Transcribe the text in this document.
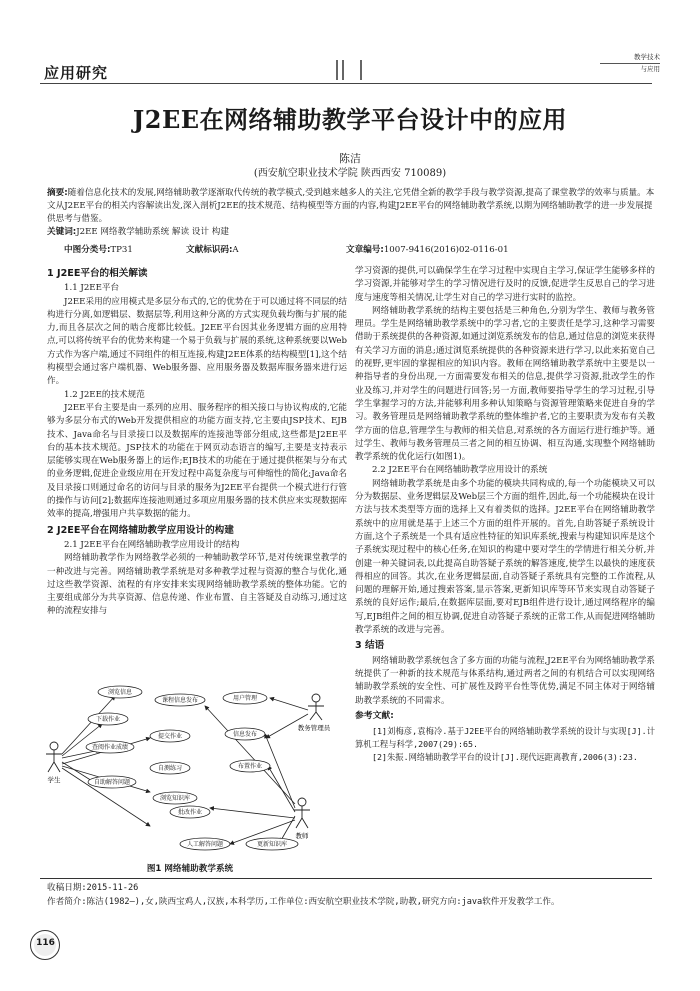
应用研究
教学技术
与应用
J2EE在网络辅助教学平台设计中的应用
陈洁
(西安航空职业技术学院 陕西西安 710089)
摘要:随着信息化技术的发展,网络辅助教学逐渐取代传统的教学模式,受到越来越多人的关注,它凭借全新的教学手段与教学资源,提高了课堂教学的效率与质量。本文从J2EE平台的相关内容解读出发,深入剖析J2EE的技术规范、结构模型等方面的内容,构建J2EE平台的网络辅助教学系统,以期为网络辅助教学的进一步发展提供思考与借鉴。
关键词:J2EE 网络教学辅助系统 解读 设计 构建
中图分类号:TP31	文献标识码:A	文章编号:1007-9416(2016)02-0116-01
1 J2EE平台的相关解读
1.1 J2EE平台

J2EE采用的应用模式是多层分布式的,它的优势在于可以通过将不同层的结构进行分离,如逻辑层、数据层等,利用这种分离的方式实现负载均衡与扩展的能力,而且各层次之间的啮合度都比较低。J2EE平台因其业务逻辑方面的应用特点,可以将传统平台的优势来构建一个易于负载与扩展的系统,这种系统要以Web方式作为客户端,通过不同组件的相互连接,构建J2EE体系的结构模型[1],这个结构模型会通过客户端机器、Web服务器、应用服务器及数据库服务器来进行运作。

1.2 J2EE的技术规范

J2EE平台主要是由一系列的应用、服务程序的相关接口与协议构成的,它能够为多层分布式的Web开发提供相应的功能方面支持,它主要由JSP技术、EJB技术、Java命名与目录接口以及数据库的连接池等部分组成,这些都是J2EE平台的基本技术规范。JSP技术的功能在于网页动态语言的编写,主要是支持表示层能够实现在Web服务器上的运作;EJB技术的功能在于通过提供框架与分布式的业务逻辑,促进企业级应用在开发过程中高复杂度与可伸缩性的简化;Java命名及目录接口则通过命名的访问与目录的服务为J2EE平台提供一个模式进行行管的操作与访问[2];数据库连接池则通过多项应用服务器的技术供应来实现数据库效率的提高,增强用户共享数据的能力。

2 J2EE平台在网络辅助教学应用设计的构建
2.1 J2EE平台在网络辅助教学应用设计的结构

网络辅助教学作为网络教学必须的一种辅助教学环节,是对传统课堂教学的一种改进与完善。网络辅助教学系统是对多种教学过程与资源的整合与优化,通过这些教学资源、流程的有序安排来实现网络辅助教学系统的整体功能。它的主要组成部分为共享资源、信息传递、作业布置、自主答疑及自动练习,通过这种的流程安排与

浏览信息
下载作业
查阅作业成绩
自助解答问题
课程信息发布
提交作业
自测练习
浏览知识库
用户管理
信息发布
布置作业
批改作业
人工解答问题	更新知识库
学生
教师
教务管理员
图1 网络辅助教学系统

学习资源的提供,可以确保学生在学习过程中实现自主学习,保证学生能够多样的学习资源,并能够对学生的学习情况进行及时的反馈,促进学生反思自己的学习进度与速度等相关情况,让学生对自己的学习进行实时的监控。

网络辅助教学系统的结构主要包括是三种角色,分别为学生、教师与教务管理员。学生是网络辅助教学系统中的学习者,它的主要责任是学习,这种学习需要借助于系统提供的各种资源,如通过浏览系统发布的信息,通过信息的浏览来获得有关学习方面的消息;通过浏览系统提供的各种资源来进行学习,以此来拓宽自己的视野,更牢固的掌握相应的知识内容。教师在网络辅助教学系统中主要是以一种指导者的身份出现,一方面需要发布相关的信息,提供学习资源,批改学生的作业及练习,并对学生的问题进行回答;另一方面,教师要指导学生的学习过程,引导学生掌握学习的方法,并能够利用多种认知策略与资源管理策略来促进自身的学习。教务管理员是网络辅助教学系统的整体维护者,它的主要职责为发布有关教学方面的信息,管理学生与教师的相关信息,对系统的各方面运行进行维护等。通过学生、教师与教务管理员三者之间的相互协调、相互沟通,实现整个网络辅助教学系统的优化运行(如图1)。

2.2 J2EE平台在网络辅助教学应用设计的系统

网络辅助教学系统是由多个功能的模块共同构成的,每一个功能模块又可以分为数据层、业务逻辑层及Web层三个方面的组件,因此,每一个功能模块在设计方法与技术类型等方面的选择上又有着类似的选择。J2EE平台在网络辅助教学系统中的应用就是基于上述三个方面的组件开展的。首先,自助答疑子系统设计方面,这个子系统是一个具有适应性特征的知识库系统,搜索与构建知识库是这个子系统实现过程中的核心任务,在知识的构建中要对学生的学情进行相关分析,并创建一种关键词表,以此提高自助答疑子系统的解答速度,使学生以最快的速度获得相应的回答。其次,在业务逻辑层面,自动答疑子系统具有完整的工作流程,从问题的理解开始,通过搜索答案,显示答案,更新知识库等环节来实现自动答疑子系统的良好运作;最后,在数据库层面,要对EJB组件进行设计,通过网络程序的编写,EJB组件之间的相互协调,促进自动答疑子系统的正常工作,从而促进网络辅助教学系统的改进与完善。

3 结语

网络辅助教学系统包含了多方面的功能与流程,J2EE平台为网络辅助教学系统提供了一种新的技术规范与体系结构,通过两者之间的有机结合可以实现网络辅助教学系统的安全性、可扩展性及跨平台性等优势,满足不同主体对于网络辅助教学系统的不同需求。

参考文献:

[1]刘梅彦,袁梅冷.基于J2EE平台的网络辅助教学系统的设计与实现[J].计算机工程与科学,2007(29):65.

[2]朱振.网络辅助教学平台的设计[J].现代远距离教育,2006(3):23.

收稿日期:2015-11-26
作者简介:陈洁(1982—),女,陕西宝鸡人,汉族,本科学历,工作单位:西安航空职业技术学院,助教,研究方向:java软件开发教学工作。
116
